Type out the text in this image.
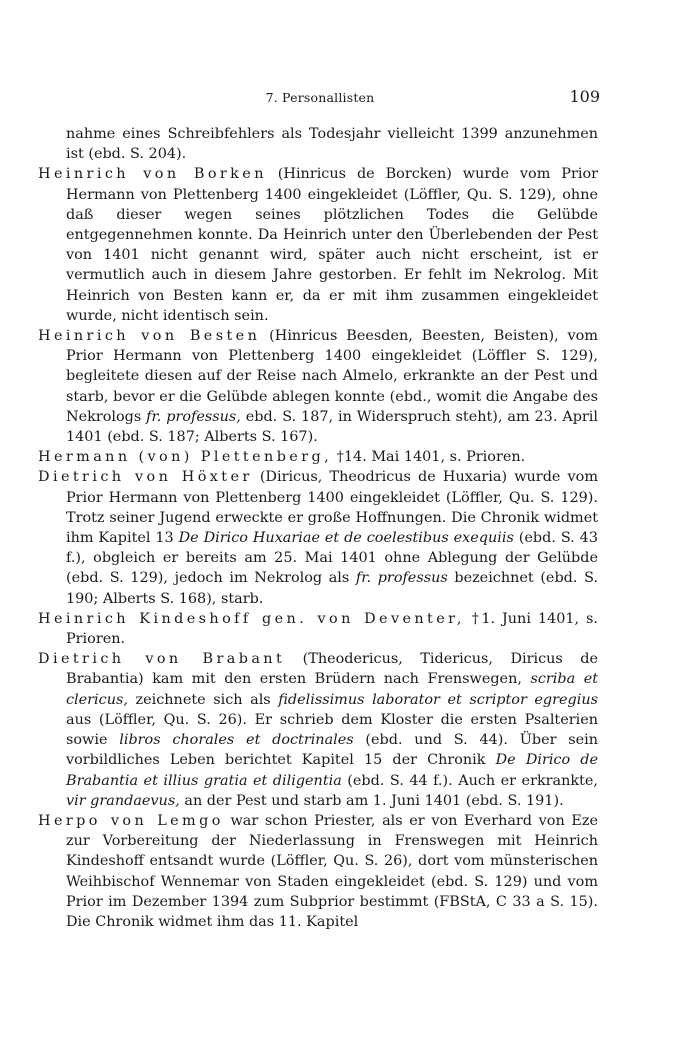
7. Personallisten	109

nahme eines Schreibfehlers als Todesjahr vielleicht 1399 anzunehmen ist (ebd. S. 204).

Heinrich von Borken (Hinricus de Borcken) wurde vom Prior Hermann von Plettenberg 1400 eingekleidet (Löffler, Qu. S. 129), ohne daß dieser wegen seines plötzlichen Todes die Gelübde entgegennehmen konnte. Da Heinrich unter den Überlebenden der Pest von 1401 nicht genannt wird, später auch nicht erscheint, ist er vermutlich auch in diesem Jahre gestorben. Er fehlt im Nekrolog. Mit Heinrich von Besten kann er, da er mit ihm zusammen eingekleidet wurde, nicht identisch sein.

Heinrich von Besten (Hinricus Beesden, Beesten, Beisten), vom Prior Hermann von Plettenberg 1400 eingekleidet (Löffler S. 129), begleitete diesen auf der Reise nach Almelo, erkrankte an der Pest und starb, bevor er die Gelübde ablegen konnte (ebd., womit die Angabe des Nekrologs fr. professus, ebd. S. 187, in Widerspruch steht), am 23. April 1401 (ebd. S. 187; Alberts S. 167).

Hermann (von) Plettenberg, †14. Mai 1401, s. Prioren.

Dietrich von Höxter (Diricus, Theodricus de Huxaria) wurde vom Prior Hermann von Plettenberg 1400 eingekleidet (Löffler, Qu. S. 129). Trotz seiner Jugend erweckte er große Hoffnungen. Die Chronik widmet ihm Kapitel 13 De Dirico Huxariae et de coelestibus exequiis (ebd. S. 43 f.), obgleich er bereits am 25. Mai 1401 ohne Ablegung der Gelübde (ebd. S. 129), jedoch im Nekrolog als fr. professus bezeichnet (ebd. S. 190; Alberts S. 168), starb.

Heinrich Kindeshoff gen. von Deventer, †1. Juni 1401, s. Prioren.

Dietrich von Brabant (Theodericus, Tidericus, Diricus de Brabantia) kam mit den ersten Brüdern nach Frenswegen, scriba et clericus, zeichnete sich als fidelissimus laborator et scriptor egregius aus (Löffler, Qu. S. 26). Er schrieb dem Kloster die ersten Psalterien sowie libros chorales et doctrinales (ebd. und S. 44). Über sein vorbildliches Leben berichtet Kapitel 15 der Chronik De Dirico de Brabantia et illius gratia et diligentia (ebd. S. 44 f.). Auch er erkrankte, vir grandaevus, an der Pest und starb am 1. Juni 1401 (ebd. S. 191).

Herpo von Lemgo war schon Priester, als er von Everhard von Eze zur Vorbereitung der Niederlassung in Frenswegen mit Heinrich Kindeshoff entsandt wurde (Löffler, Qu. S. 26), dort vom münsterischen Weihbischof Wennemar von Staden eingekleidet (ebd. S. 129) und vom Prior im Dezember 1394 zum Subprior bestimmt (FBStA, C 33 a S. 15). Die Chronik widmet ihm das 11. Kapitel
